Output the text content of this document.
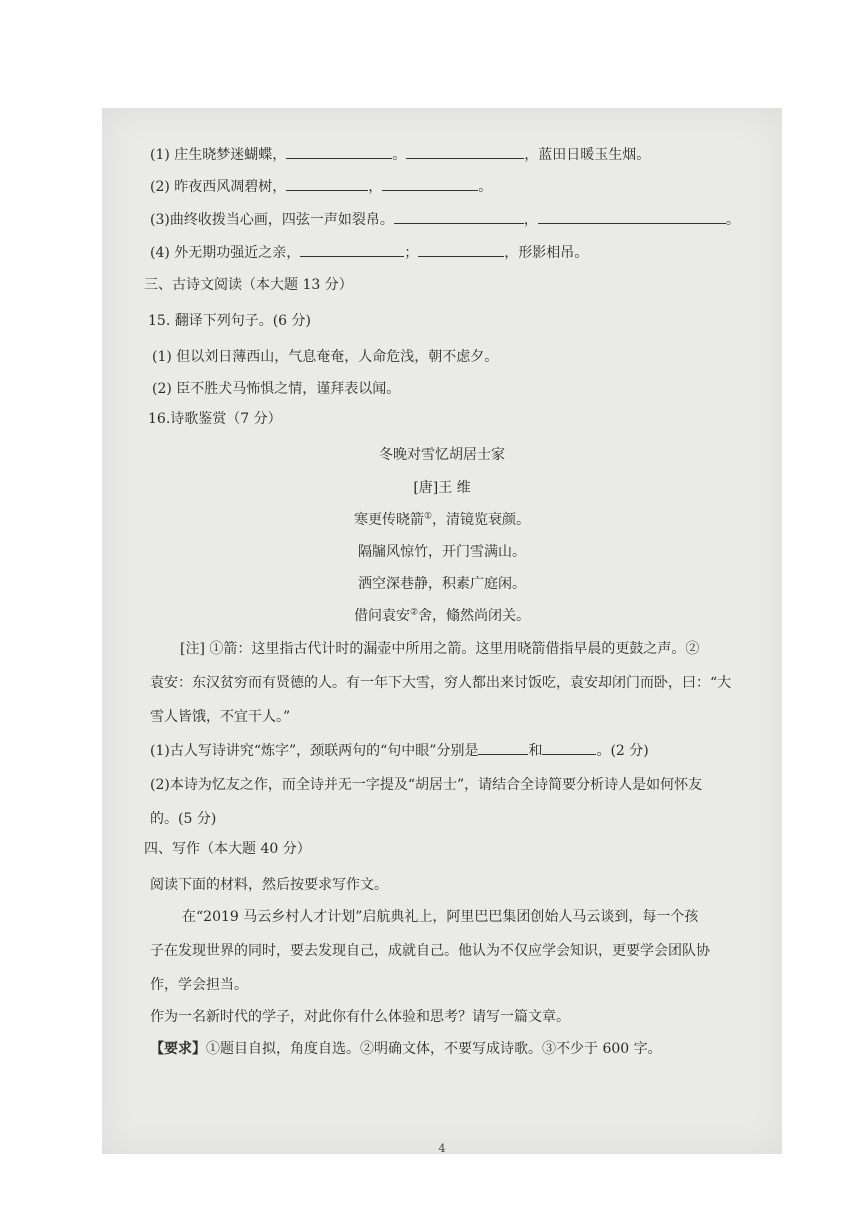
(1) 庄生晓梦迷蝴蝶，	。	，蓝田日暖玉生烟。
(2) 昨夜西风凋碧树，	，	。
(3)曲终收拨当心画，四弦一声如裂帛。	，	。
(4) 外无期功强近之亲，	；	，形影相吊。
三、古诗文阅读（本大题 13 分）
15. 翻译下列句子。(6 分)
(1) 但以刘日薄西山，气息奄奄，人命危浅，朝不虑夕。
(2) 臣不胜犬马怖惧之情，谨拜表以闻。
16.诗歌鉴赏（7 分）
冬晚对雪忆胡居士家
[唐]王 维
寒更传晓箭①，清镜览衰颜。
隔牖风惊竹，开门雪满山。
洒空深巷静，积素广庭闲。
借问袁安②舍，翛然尚闭关。
[注] ①箭：这里指古代计时的漏壶中所用之箭。这里用晓箭借指早晨的更鼓之声。②
袁安：东汉贫穷而有贤德的人。有一年下大雪，穷人都出来讨饭吃，袁安却闭门而卧，曰：“大
雪人皆饿，不宜干人。”
(1)古人写诗讲究“炼字”，颈联两句的“句中眼”分别是	和	。(2 分)
(2)本诗为忆友之作，而全诗并无一字提及“胡居士”，请结合全诗简要分析诗人是如何怀友
的。(5 分)
四、写作（本大题 40 分）
阅读下面的材料，然后按要求写作文。
在“2019 马云乡村人才计划”启航典礼上，阿里巴巴集团创始人马云谈到，每一个孩
子在发现世界的同时，要去发现自己，成就自己。他认为不仅应学会知识，更要学会团队协
作，学会担当。
作为一名新时代的学子，对此你有什么体验和思考？请写一篇文章。
【要求】①题目自拟，角度自选。②明确文体，不要写成诗歌。③不少于 600 字。
4
